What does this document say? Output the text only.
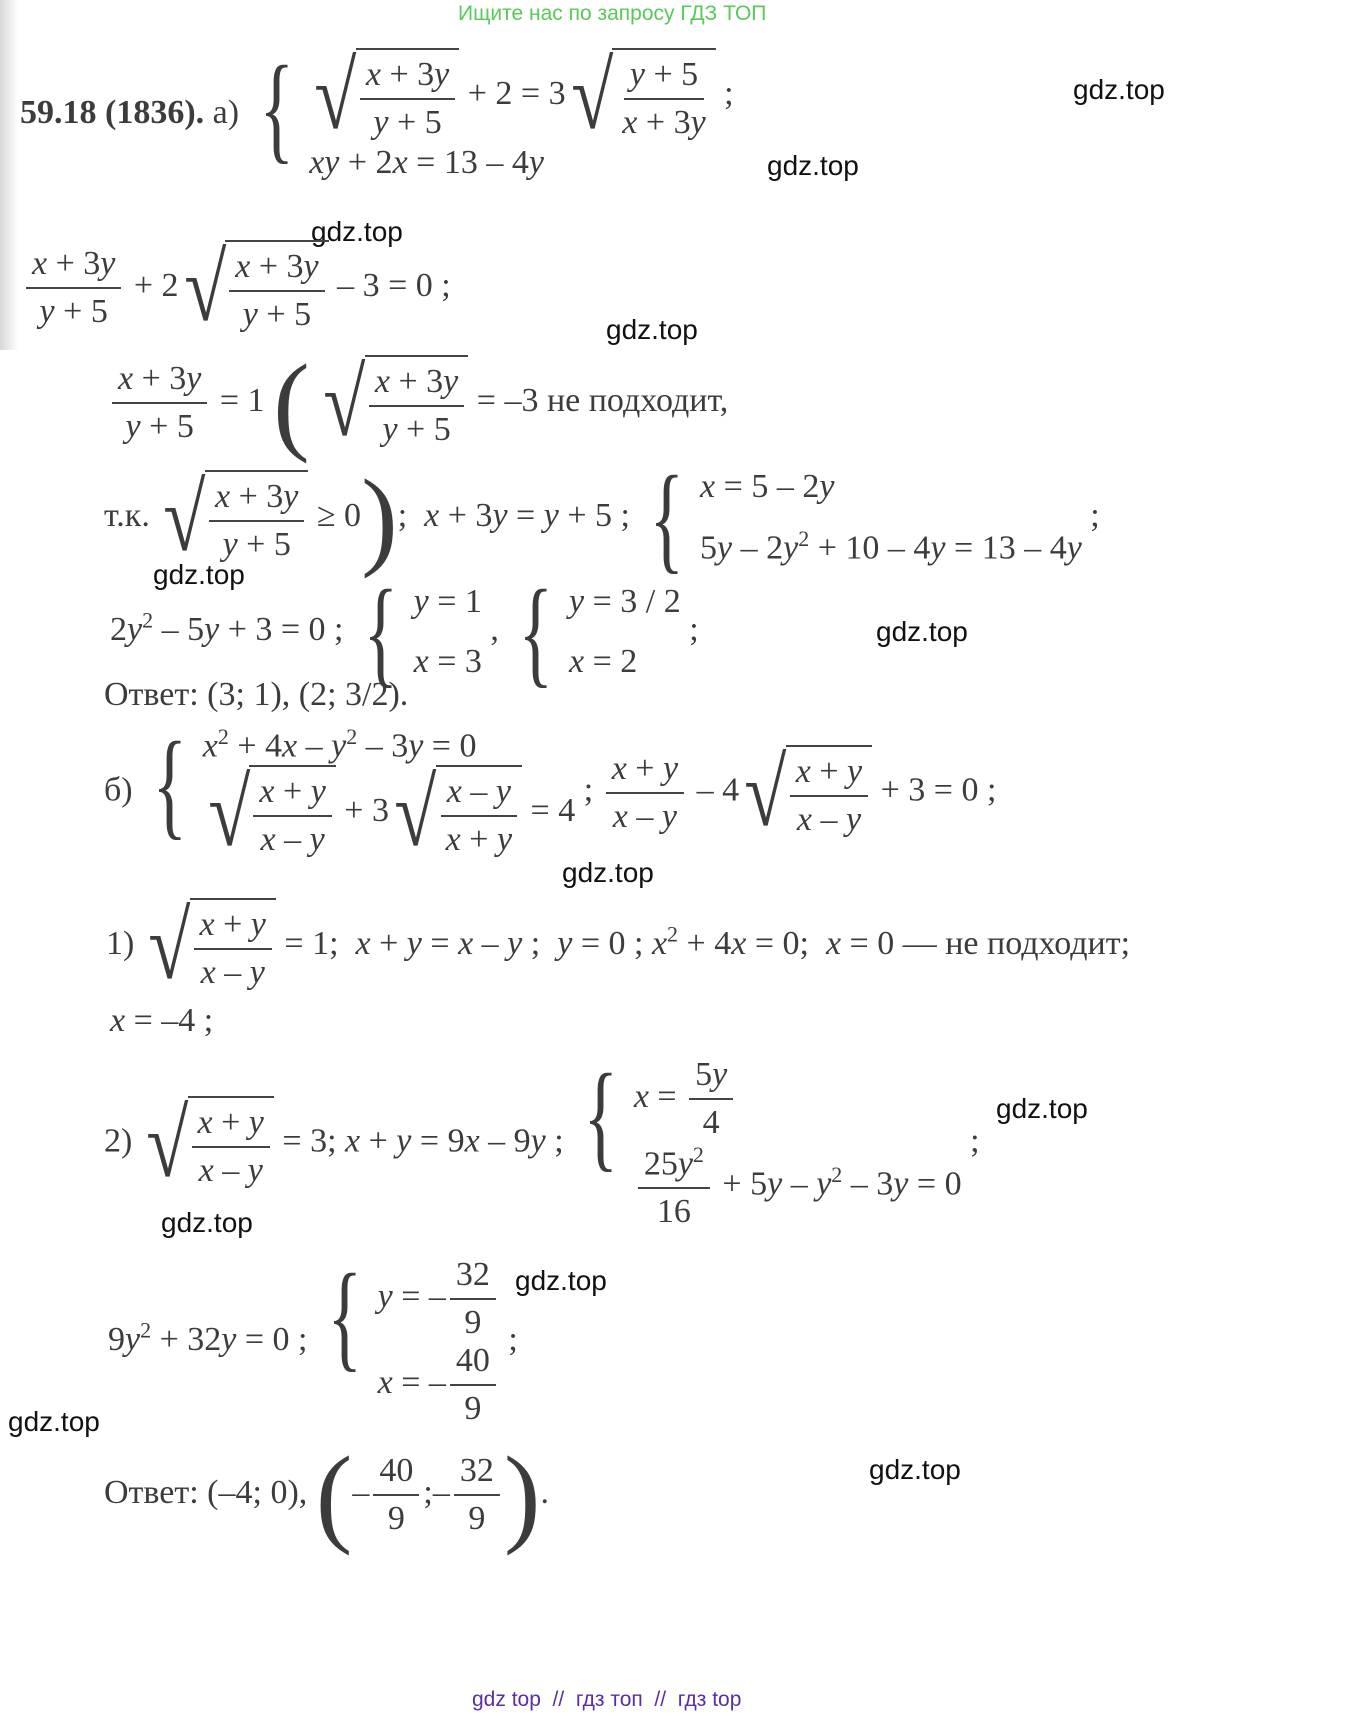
Ищите нас по запросу ГДЗ ТОП
gdz.top
gdz.top
gdz.top
gdz.top
gdz.top
gdz.top
gdz.top
gdz.top
gdz.top
gdz.top
gdz.top
gdz.top
59.18 (1836). а) { √ $\frac{x + 3y}{y + 5} + 2 = 3$ √ $\frac{y + 5}{x + 3y}$ ;
xy + 2x = 13 – 4y
$\frac{x + 3y}{y + 5} + 2$ √ $\frac{x + 3y}{y + 5} - 3 = 0$ ;
$\frac{x + 3y}{y + 5} = 1$ ( √ $\frac{x + 3y}{y + 5} = -3$ не подходит,
т.к. √ $\frac{x + 3y}{y + 5} \ge 0$);  x + 3y = y + 5 ; { x = 5 – 2y
$5y - 2y^2 + 10 - 4y = 13 - 4y$
;
$2y^2 - 5y + 3 = 0$ ; { y = 1
x = 3
, { y = 3 / 2
x = 2
;
Ответ: (3; 1), (2; 3/2).
б) { $x^2 + 4x - y^2 - 3y = 0$
√ $\frac{x + y}{x - y} + 3$ √ $\frac{x - y}{x + y} = 4$
; $\frac{x + y}{x - y} - 4$ √ $\frac{x + y}{x - y} + 3 = 0$ ;
1) √ $\frac{x + y}{x - y} = 1$;  x + y = x – y ;  y = 0 ; $x^2 + 4x = 0$;  x = 0 — не подходит;
x = –4 ;
2) √ $\frac{x + y}{x - y} = 3$; x + y = 9x – 9y ; { $x = \frac{5y}{4}$
$\frac{25y^2}{16} + 5y - y^2 - 3y = 0$
;
$9y^2 + 32y = 0$ ; { y = – $\frac{32}{9}$
x = – $\frac{40}{9}$
;
Ответ: (–4; 0), (– $\frac{40}{9}$ ;– $\frac{32}{9}$ ).
gdz top  //  гдз топ  //  гдз top
